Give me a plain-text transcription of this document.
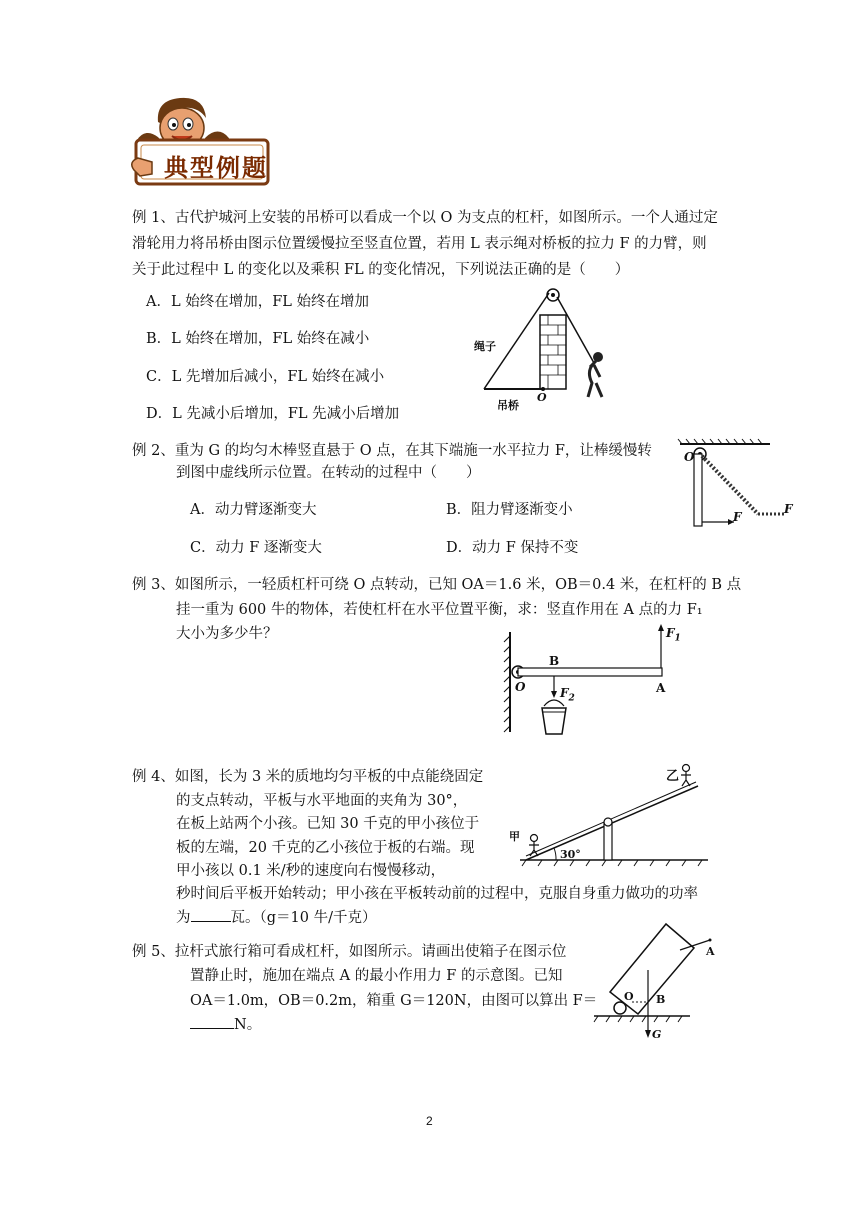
典型例题
例 1、古代护城河上安装的吊桥可以看成一个以 O 为支点的杠杆，如图所示。一个人通过定
滑轮用力将吊桥由图示位置缓慢拉至竖直位置，若用 L 表示绳对桥板的拉力 F 的力臂，则
关于此过程中 L 的变化以及乘积 FL 的变化情况，下列说法正确的是（　　）
A．L 始终在增加，FL 始终在增加
B．L 始终在增加，FL 始终在减小
C．L 先增加后减小，FL 始终在减小
D．L 先减小后增加，FL 先减小后增加
绳子
吊桥
O
例 2、重为 G 的均匀木棒竖直悬于 O 点，在其下端施一水平拉力 F，让棒缓慢转
到图中虚线所示位置。在转动的过程中（　　）
A．动力臂逐渐变大	B．阻力臂逐渐变小
C．动力 F 逐渐变大	D．动力 F 保持不变
O
F
F
例 3、如图所示，一轻质杠杆可绕 O 点转动，已知 OA＝1.6 米，OB＝0.4 米，在杠杆的 B 点
挂一重为 600 牛的物体，若使杠杆在水平位置平衡，求：竖直作用在 A 点的力 F₁
大小为多少牛？	$F_1$
B
O	A
$F_2$
例 4、如图，长为 3 米的质地均匀平板的中点能绕固定
的支点转动，平板与水平地面的夹角为 30°，
在板上站两个小孩。已知 30 千克的甲小孩位于
板的左端，20 千克的乙小孩位于板的右端。现
甲小孩以 0.1 米/秒的速度向右慢慢移动，
秒时间后平板开始转动；甲小孩在平板转动前的过程中，克服自身重力做功的功率
为	瓦。（g＝10 牛/千克）
甲
乙
30°
例 5、拉杆式旅行箱可看成杠杆，如图所示。请画出使箱子在图示位
置静止时，施加在端点 A 的最小作用力 F 的示意图。已知
OA＝1.0m，OB＝0.2m，箱重 G＝120N，由图可以算出 F＝
N。
A
O B
G
2
